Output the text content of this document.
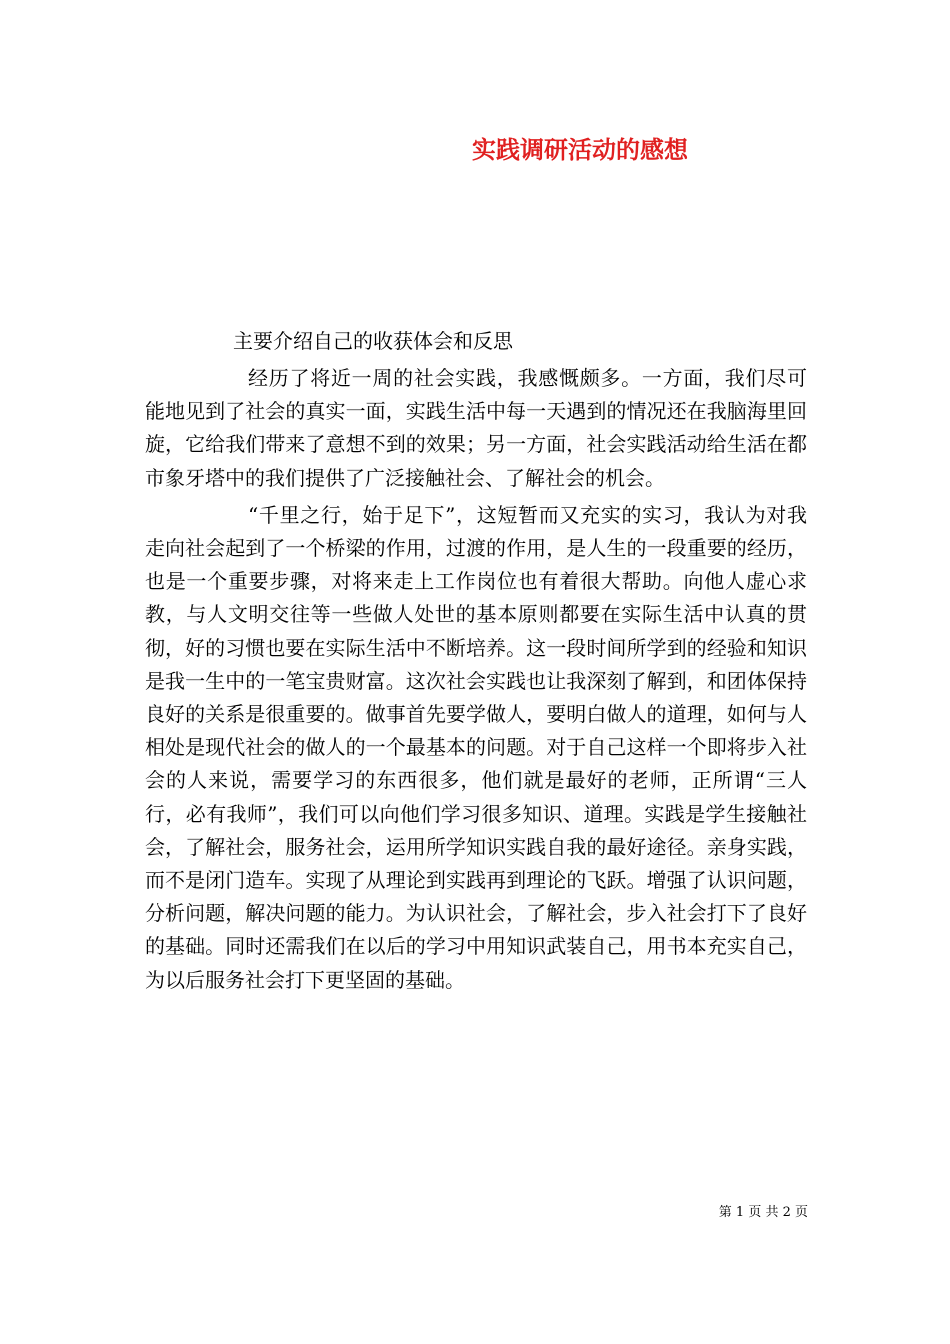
实践调研活动的感想

主要介绍自己的收获体会和反思

经历了将近一周的社会实践，我感慨颇多。一方面，我们尽可能地见到了社会的真实一面，实践生活中每一天遇到的情况还在我脑海里回旋，它给我们带来了意想不到的效果；另一方面，社会实践活动给生活在都市象牙塔中的我们提供了广泛接触社会、了解社会的机会。

“千里之行，始于足下”，这短暂而又充实的实习，我认为对我走向社会起到了一个桥梁的作用，过渡的作用，是人生的一段重要的经历，也是一个重要步骤，对将来走上工作岗位也有着很大帮助。向他人虚心求教，与人文明交往等一些做人处世的基本原则都要在实际生活中认真的贯彻，好的习惯也要在实际生活中不断培养。这一段时间所学到的经验和知识是我一生中的一笔宝贵财富。这次社会实践也让我深刻了解到，和团体保持良好的关系是很重要的。做事首先要学做人，要明白做人的道理，如何与人相处是现代社会的做人的一个最基本的问题。对于自己这样一个即将步入社会的人来说，需要学习的东西很多，他们就是最好的老师，正所谓“三人行，必有我师”，我们可以向他们学习很多知识、道理。实践是学生接触社会，了解社会，服务社会，运用所学知识实践自我的最好途径。亲身实践，而不是闭门造车。实现了从理论到实践再到理论的飞跃。增强了认识问题，分析问题，解决问题的能力。为认识社会，了解社会，步入社会打下了良好的基础。同时还需我们在以后的学习中用知识武装自己，用书本充实自己，为以后服务社会打下更坚固的基础。

第 1 页 共 2 页
